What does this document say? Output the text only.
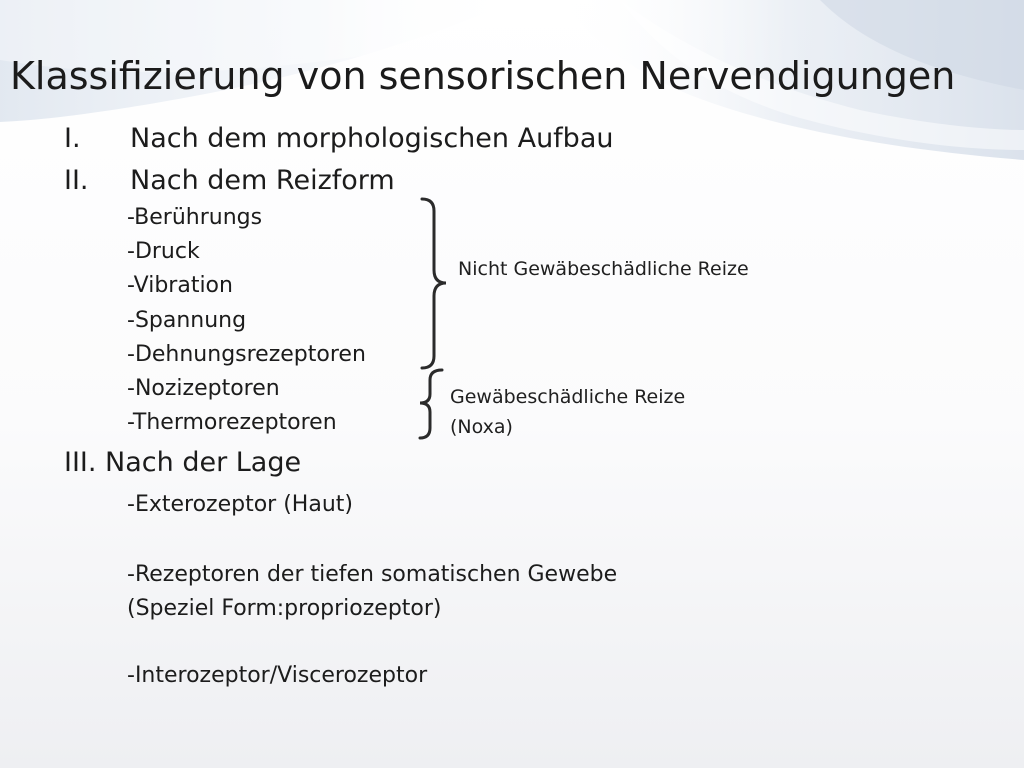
Klassifizierung von sensorischen Nervendigungen
I. Nach dem morphologischen Aufbau
II. Nach dem Reizform
-Berührungs
-Druck
-Vibration
-Spannung
-Dehnungsrezeptoren
-Nozizeptoren
-Thermorezeptoren
Nicht Gewäbeschädliche Reize
Gewäbeschädliche Reize
(Noxa)
III. Nach der Lage
-Exterozeptor (Haut)
-Rezeptoren der tiefen somatischen Gewebe
(Speziel Form:propriozeptor)
-Interozeptor/Viscerozeptor
